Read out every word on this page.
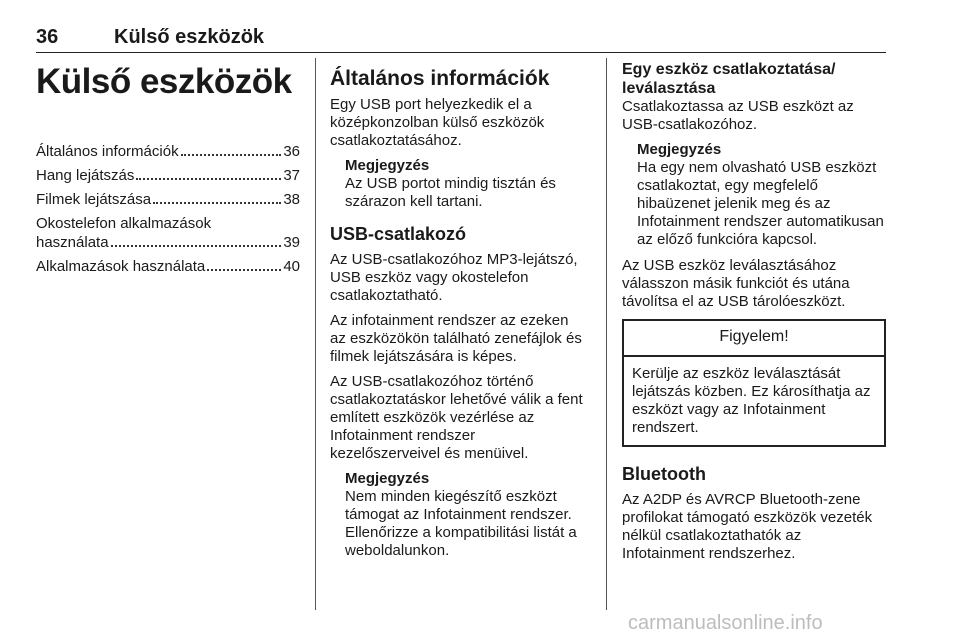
36	Külső eszközök
Külső eszközök
Általános információk	36
Hang lejátszás	37
Filmek lejátszása	38
Okostelefon alkalmazások
használata	39
Alkalmazások használata	40
Általános információk

Egy USB port helyezkedik el a középkonzolban külső eszközök csatlakoztatásához.

Megjegyzés
Az USB portot mindig tisztán és szárazon kell tartani.
USB-csatlakozó

Az USB-csatlakozóhoz MP3-lejátszó, USB eszköz vagy okostelefon csatlakoztatható.

Az infotainment rendszer az ezeken az eszközökön található zenefájlok és filmek lejátszására is képes.

Az USB-csatlakozóhoz történő csatlakoztatáskor lehetővé válik a fent említett eszközök vezérlése az Infotainment rendszer kezelőszerveivel és menüivel.

Megjegyzés
Nem minden kiegészítő eszközt támogat az Infotainment rendszer. Ellenőrizze a kompatibilitási listát a weboldalunkon.
Egy eszköz csatlakoztatása/ leválasztása

Csatlakoztassa az USB eszközt az USB-csatlakozóhoz.

Megjegyzés
Ha egy nem olvasható USB eszközt csatlakoztat, egy megfelelő hibaüzenet jelenik meg és az Infotainment rendszer automatikusan az előző funkcióra kapcsol.

Az USB eszköz leválasztásához válasszon másik funkciót és utána távolítsa el az USB tárolóeszközt.

Figyelem!
Kerülje az eszköz leválasztását lejátszás közben. Ez károsíthatja az eszközt vagy az Infotainment rendszert.
Bluetooth

Az A2DP és AVRCP Bluetooth-zene profilokat támogató eszközök vezeték nélkül csatlakoztathatók az Infotainment rendszerhez.

carmanualsonline.info
